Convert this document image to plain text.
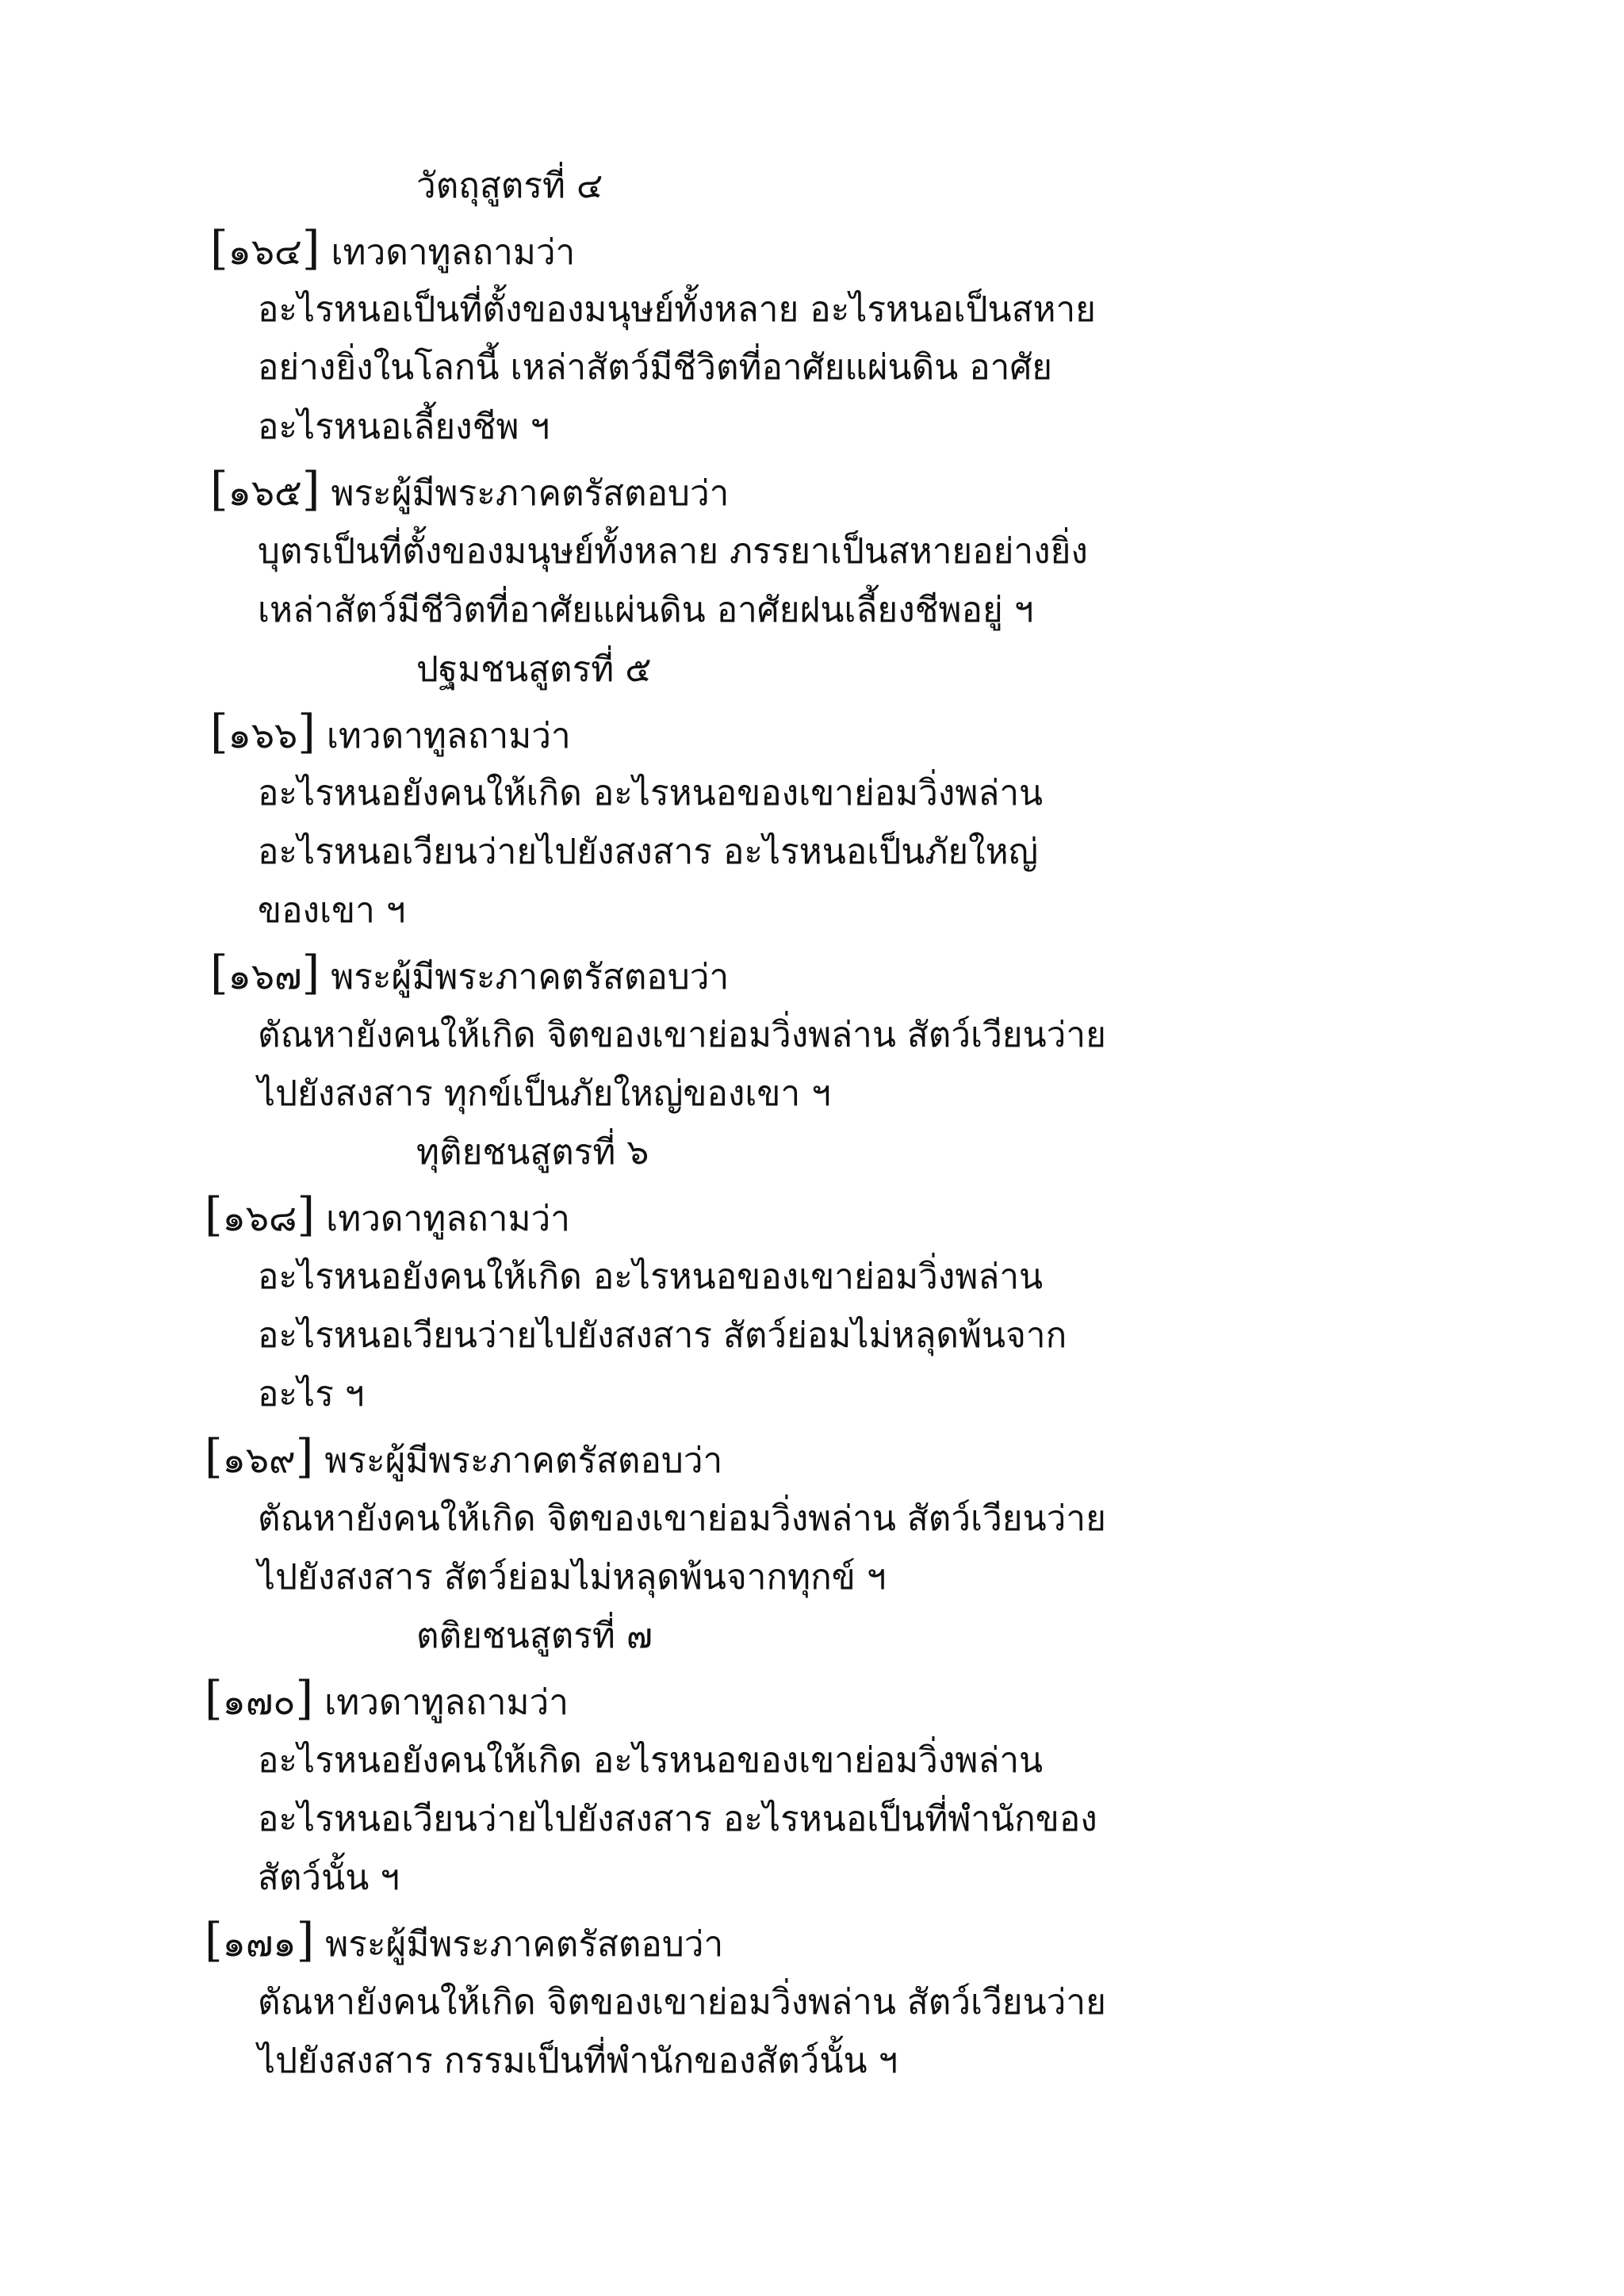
วัตถุสูตรที่ ๔
[๑๖๔] เทวดาทูลถามว่า
อะไรหนอเป็นที่ตั้งของมนุษย์ทั้งหลาย อะไรหนอเป็นสหาย
อย่างยิ่งในโลกนี้ เหล่าสัตว์มีชีวิตที่อาศัยแผ่นดิน อาศัย
อะไรหนอเลี้ยงชีพ ฯ
[๑๖๕] พระผู้มีพระภาคตรัสตอบว่า
บุตรเป็นที่ตั้งของมนุษย์ทั้งหลาย ภรรยาเป็นสหายอย่างยิ่ง
เหล่าสัตว์มีชีวิตที่อาศัยแผ่นดิน อาศัยฝนเลี้ยงชีพอยู่ ฯ
ปฐมชนสูตรที่ ๕
[๑๖๖] เทวดาทูลถามว่า
อะไรหนอยังคนให้เกิด อะไรหนอของเขาย่อมวิ่งพล่าน
อะไรหนอเวียนว่ายไปยังสงสาร อะไรหนอเป็นภัยใหญ่
ของเขา ฯ
[๑๖๗] พระผู้มีพระภาคตรัสตอบว่า
ตัณหายังคนให้เกิด จิตของเขาย่อมวิ่งพล่าน สัตว์เวียนว่าย
ไปยังสงสาร ทุกข์เป็นภัยใหญ่ของเขา ฯ
ทุติยชนสูตรที่ ๖
[๑๖๘] เทวดาทูลถามว่า
อะไรหนอยังคนให้เกิด อะไรหนอของเขาย่อมวิ่งพล่าน
อะไรหนอเวียนว่ายไปยังสงสาร สัตว์ย่อมไม่หลุดพ้นจาก
อะไร ฯ
[๑๖๙] พระผู้มีพระภาคตรัสตอบว่า
ตัณหายังคนให้เกิด จิตของเขาย่อมวิ่งพล่าน สัตว์เวียนว่าย
ไปยังสงสาร สัตว์ย่อมไม่หลุดพ้นจากทุกข์ ฯ
ตติยชนสูตรที่ ๗
[๑๗๐] เทวดาทูลถามว่า
อะไรหนอยังคนให้เกิด อะไรหนอของเขาย่อมวิ่งพล่าน
อะไรหนอเวียนว่ายไปยังสงสาร อะไรหนอเป็นที่พำนักของ
สัตว์นั้น ฯ
[๑๗๑] พระผู้มีพระภาคตรัสตอบว่า
ตัณหายังคนให้เกิด จิตของเขาย่อมวิ่งพล่าน สัตว์เวียนว่าย
ไปยังสงสาร กรรมเป็นที่พำนักของสัตว์นั้น ฯ
